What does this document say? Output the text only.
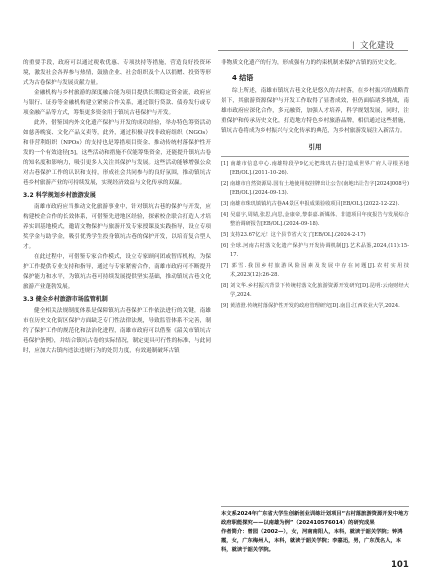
| 文化建设

的重要手段，政府可以通过税收优惠、专项扶持等措施，营造良好投资环境，激发社会各界参与热情，鼓励企业、社会组织及个人以捐赠、投资等形式为古卷保护与发展贡献力量。

金融机构与乡村旅游的深度融合能为项目提供长期稳定资金流，政府应与银行、证券等金融机构建立紧密合作关系，通过银行贷款、债券发行或专项金融产品等方式，筹集更多资金用于镇坑古巷保护与开发。

此外，借鉴国内外文化遗产保护与开发的成功经验，举办特色筹资活动如慈善晚宴、文化产品义卖等，此外，通过积极寻找非政府组织（NGOs）和非营利组织（NPOs）的支持也是筹措项目资金、推动传统村落保护性开发的一个有效途径[5]，这些活动和措施不仅能筹集资金，还能提升镇坑古卷的知名度和影响力，吸引更多人关注其保护与发展。这些活动能够增强公众对古巷保护工作的认识和支持，形成社会共同参与的良好氛围，推动镇坑古巷乡村旅游产业的可持续发展，实现经济效益与文化传承的双赢。

3.2 科学规划乡村旅游发展

南雄市政府应当推动文化旅游事业中，针对镇坑古巷的保护与开发，应构建校企合作的长效体系，可借鉴先进地区经验，探索校企联合打造人才培养实训基地模式，邀请文物保护与旅游开发专家授课及实践指导，设立专项奖学金与助学金，吸引优秀学生投身镇坑古巷的保护开发，以培育复合型人才。

在此过程中，可借鉴专家合作模式，设立专家顾问团或智库机构，为保护工作提供专业支持和指导，通过与专家紧密合作，南雄市政府可不断提升保护能力和水平，为镇坑古巷可持续发展提供坚实基础，推动镇坑古巷文化旅游产业蓬勃发展。

3.3 健全乡村旅游市场监管机制

健全相关法规制度体系是保障镇坑古巷保护工作依法进行的关键，南雄市在历史文化街区保护方面缺乏专门性法律法规，导致监管体系不完善，制约了保护工作的规范化和法治化进程，南雄市政府可以借鉴《韶关市镇坑古巷保护条例》，并结合镇坑古卷的实际情况，制定更具可行性的标准，与此同时，应加大古镇内违法违规行为的处罚力度，有效遏制破坏古镇

非物质文化遗产的行为，形成强有力的约束机制来保护古镇的历史文化。

4 结语

综上所述，南雄市镇坑古巷文化是悠久的古村落，在乡村振兴的战略背景下，其旅游资源保护与开发工作取得了显著成效，但仍面临诸多挑战，南雄市政府应深化合作，多元融资，加强人才培养，科学规划发展，同时，注重保护和传承历史文化，打造地方特色乡村旅游品牌，相信通过这些措施，镇坑古卷将成为乡村振兴与文化传承的典范，为乡村旅游发展注入新活力。

引用

[1] 南雄市信息中心.南雄特段孕9亿元把珠玑古巷打造成世界广府人寻根圣地[EB/OL].(2011-10-26).

[2] 南雄市自然资源局.国有土地使用权挂牌出让公告(南地出让告字[2024]008号)[EB/OL].(2024-09-13).

[3] 南雄市珠玑镇镇坑古巷A4景区申报成果验收项目[EB/OL].(2022-12-22).

[4] 吴嘉宇,周婧,张思,向思,金康帝,黎泰嘉.新媒体、非遗项目年度报告与发展综合整治调研报告[EB/OL].(2024-09-18).

[5] 支持23.67亿元！这个县节省大文了[EB/OL].(2024-2-17)

[6] 全球.河南古村落文化遗产保护与开发协调机制[J].艺术品鉴,2024,(11):15-17.

[7] 郭雪.我国乡村旅游风险因素及发展中存在问题[J].农村实用技术,2023(12):26-28.

[8] 刘文华.乡村振兴背景下传统村落文化旅游资源开发研究[D].昆明:云南财经大学,2024.

[9] 黄清澄.传统村落保护性开发的政府管理研究[D].南昌:江西农业大学,2024.

本文系2024年广东省大学生创新创业训练计划项目“古村落旅游资源开发中地方政府职能探究——以南雄为例”（202410576014）的研究成果

作者简介：曾园（2002—），女，河南南阳人，本科，就读于韶关学院；钟鸿霞，女，广东梅州人，本科，就读于韶关学院；李嘉迅，男，广东茂名人，本科，就读于韶关学院。

101
